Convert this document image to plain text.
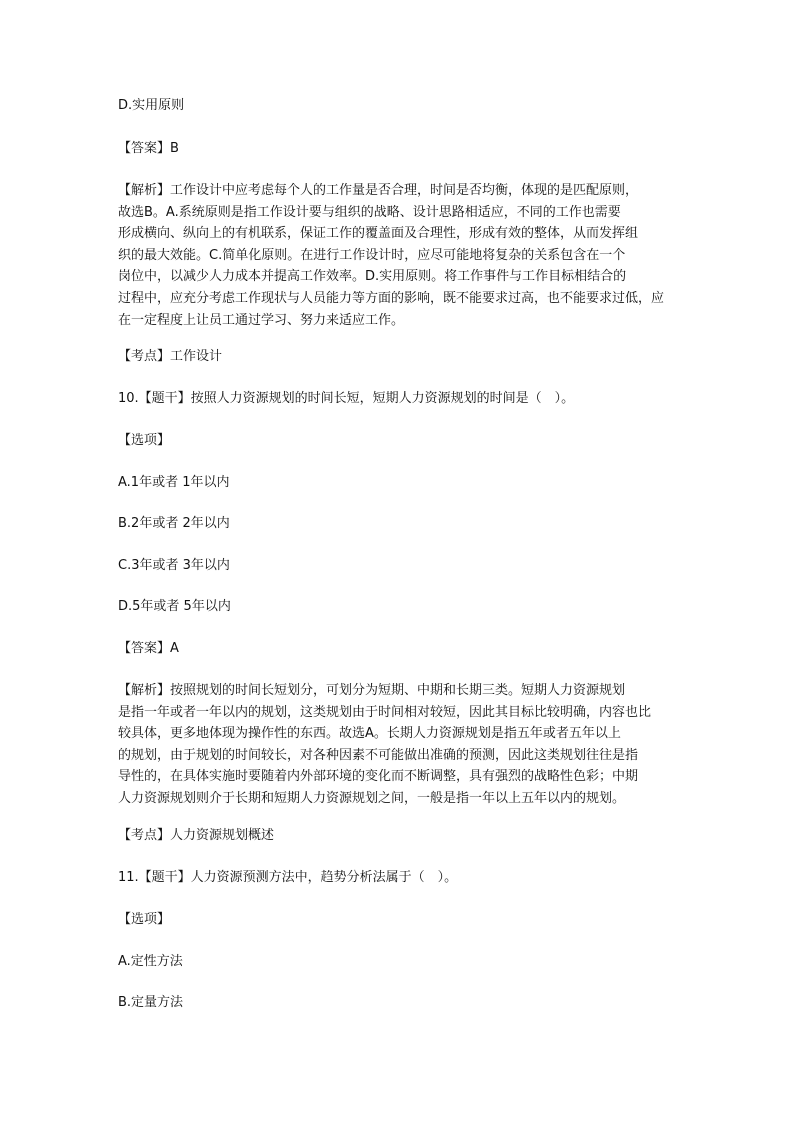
D.实用原则
【答案】B
【解析】工作设计中应考虑每个人的工作量是否合理，时间是否均衡，体现的是匹配原则，
故选B。A.系统原则是指工作设计要与组织的战略、设计思路相适应，不同的工作也需要
形成横向、纵向上的有机联系，保证工作的覆盖面及合理性，形成有效的整体，从而发挥组
织的最大效能。C.简单化原则。在进行工作设计时，应尽可能地将复杂的关系包含在一个
岗位中，以减少人力成本并提高工作效率。D.实用原则。将工作事件与工作目标相结合的
过程中，应充分考虑工作现状与人员能力等方面的影响，既不能要求过高，也不能要求过低，应
在一定程度上让员工通过学习、努力来适应工作。
【考点】工作设计
10.【题干】按照人力资源规划的时间长短，短期人力资源规划的时间是（　）。
【选项】
A.1年或者 1年以内
B.2年或者 2年以内
C.3年或者 3年以内
D.5年或者 5年以内
【答案】A
【解析】按照规划的时间长短划分，可划分为短期、中期和长期三类。短期人力资源规划
是指一年或者一年以内的规划，这类规划由于时间相对较短，因此其目标比较明确，内容也比
较具体，更多地体现为操作性的东西。故选A。长期人力资源规划是指五年或者五年以上
的规划，由于规划的时间较长，对各种因素不可能做出准确的预测，因此这类规划往往是指
导性的，在具体实施时要随着内外部环境的变化而不断调整，具有强烈的战略性色彩；中期
人力资源规划则介于长期和短期人力资源规划之间，一般是指一年以上五年以内的规划。
【考点】人力资源规划概述
11.【题干】人力资源预测方法中，趋势分析法属于（　）。
【选项】
A.定性方法
B.定量方法
